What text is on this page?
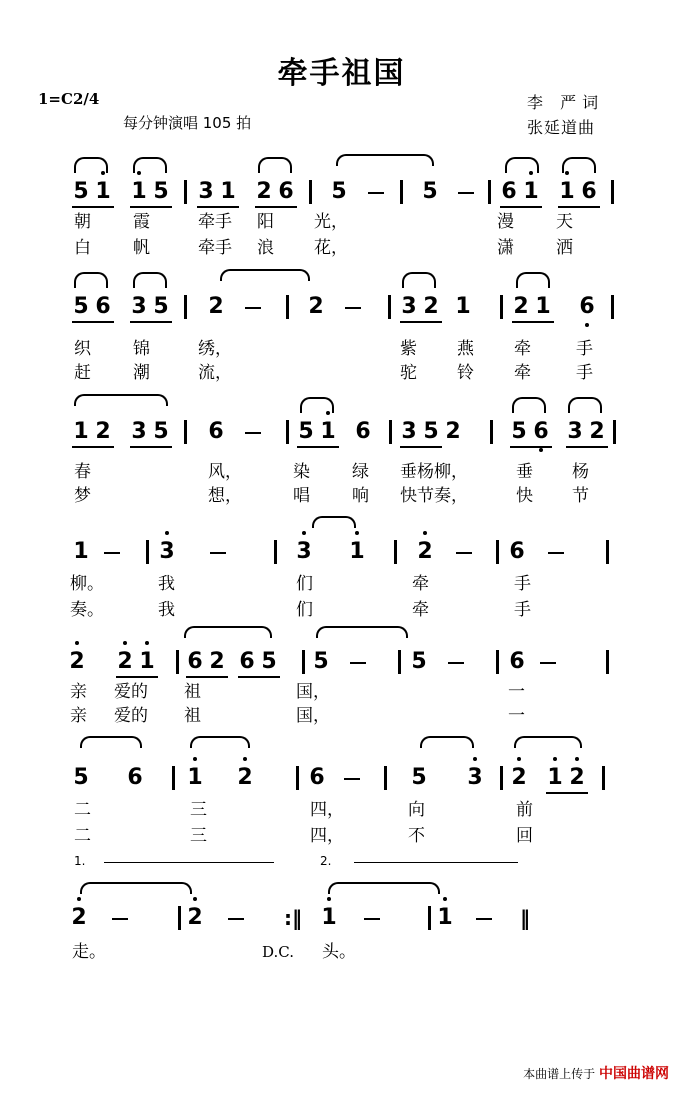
牵手祖国
1=C2/4
每分钟演唱 105 拍
李 严词
张延道曲
5 1 1 5 3 1 2 6 5	5	6 1 1 6
朝 霞	牵手 阳 光，	漫 天
白 帆	牵手 浪 花，	潇 洒
5 6 3 5 2	2	3 2 1 2 1 6
织 锦	绣，	紫 燕 牵	手
赶 潮	流，	驼 铃 牵	手
1 2 3 5 6	5 1 6 3 5 2 5 6 3 2
春	风，	染 绿 垂杨柳，	垂 杨
梦	想，	唱 响 快节奏，	快 节
1	3	3 1 2	6
柳。	我	们	牵	手
奏。	我	们	牵	手
2 2 1 6 2 6 5 5	5	6
亲 爱的 祖	国，	一
亲 爱的 祖	国，	一
5 6 1 2	6	5 3 2 1 2
二	三	四，	向	前
二	三	四，	不	回
1.	2.
2	2	:‖ 1	1	‖
走。	D.C. 头。
本曲谱上传于 中国曲谱网
